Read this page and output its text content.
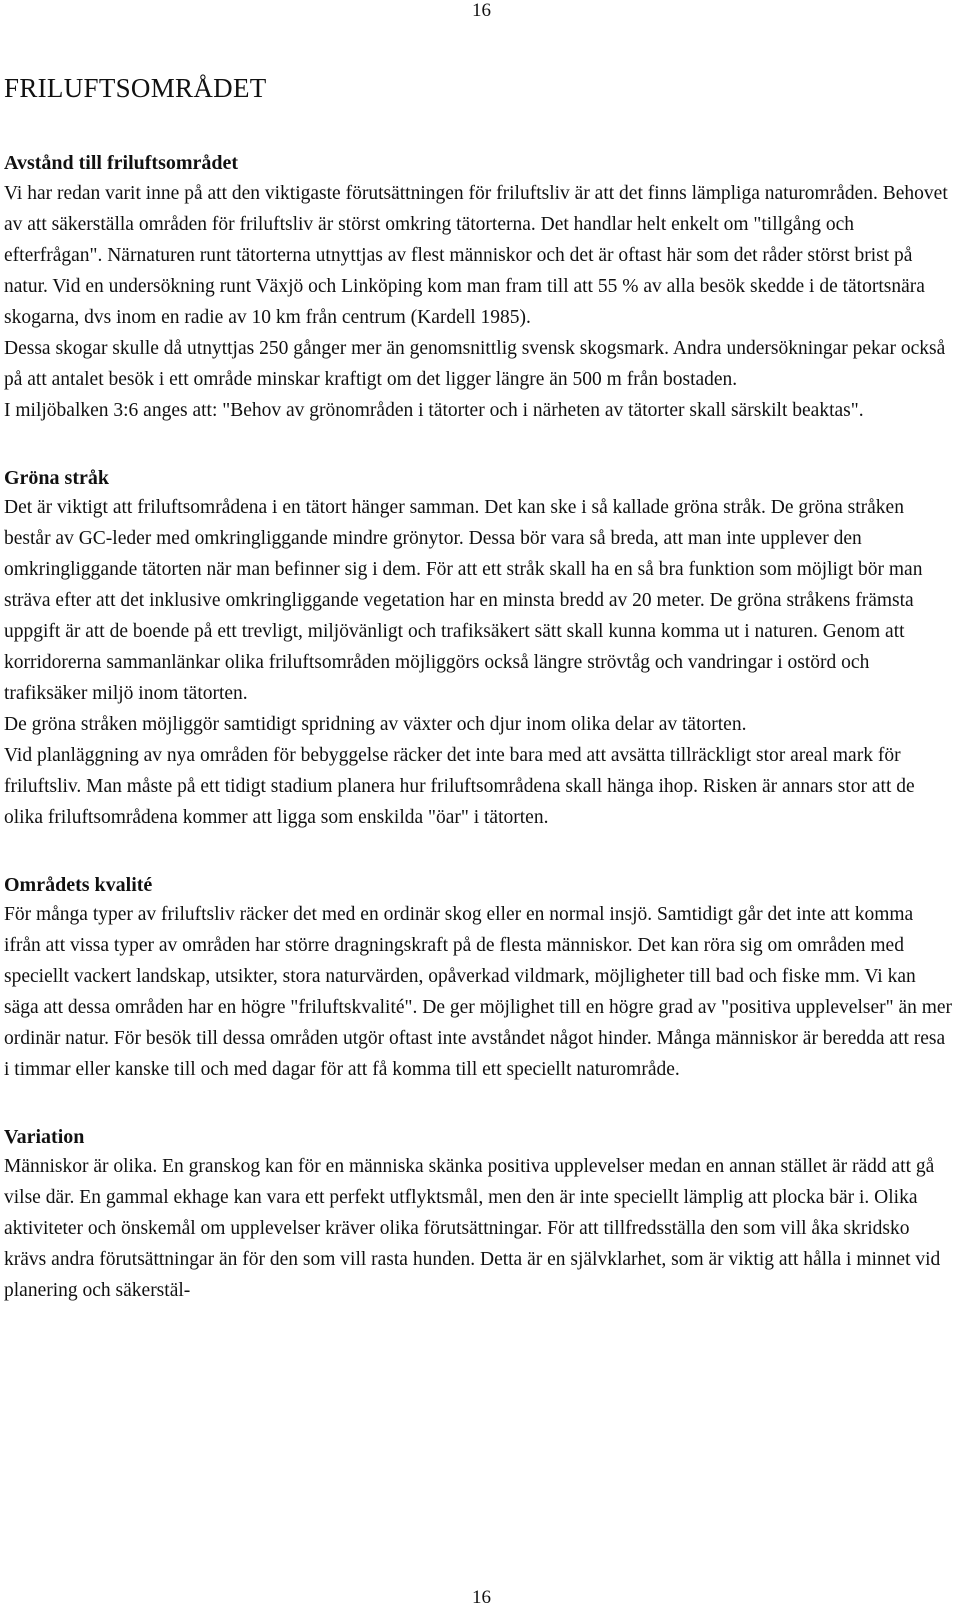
16
FRILUFTSOMRÅDET
Avstånd till friluftsområdet

Vi har redan varit inne på att den viktigaste förutsättningen för friluftsliv är att det finns lämpliga naturområden. Behovet av att säkerställa områden för friluftsliv är störst omkring tätorterna. Det handlar helt enkelt om "tillgång och efterfrågan". Närnaturen runt tätorterna utnyttjas av flest människor och det är oftast här som det råder störst brist på natur. Vid en undersökning runt Växjö och Linköping kom man fram till att 55 % av alla besök skedde i de tätortsnära skogarna, dvs inom en radie av 10 km från centrum (Kardell 1985).

Dessa skogar skulle då utnyttjas 250 gånger mer än genomsnittlig svensk skogsmark. Andra undersökningar pekar också på att antalet besök i ett område minskar kraftigt om det ligger längre än 500 m från bostaden.

I miljöbalken 3:6 anges att: "Behov av grönområden i tätorter och i närheten av tätorter skall särskilt beaktas".

Gröna stråk

Det är viktigt att friluftsområdena i en tätort hänger samman. Det kan ske i så kallade gröna stråk. De gröna stråken består av GC-leder med omkringliggande mindre grönytor. Dessa bör vara så breda, att man inte upplever den omkringliggande tätorten när man befinner sig i dem. För att ett stråk skall ha en så bra funktion som möjligt bör man sträva efter att det inklusive omkringliggande vegetation har en minsta bredd av 20 meter. De gröna stråkens främsta uppgift är att de boende på ett trevligt, miljövänligt och trafiksäkert sätt skall kunna komma ut i naturen. Genom att korridorerna sammanlänkar olika friluftsområden möjliggörs också längre strövtåg och vandringar i ostörd och trafiksäker miljö inom tätorten.

De gröna stråken möjliggör samtidigt spridning av växter och djur inom olika delar av tätorten.

Vid planläggning av nya områden för bebyggelse räcker det inte bara med att avsätta tillräckligt stor areal mark för friluftsliv. Man måste på ett tidigt stadium planera hur friluftsområdena skall hänga ihop. Risken är annars stor att de olika friluftsområdena kommer att ligga som enskilda "öar" i tätorten.

Områdets kvalité

För många typer av friluftsliv räcker det med en ordinär skog eller en normal insjö. Samtidigt går det inte att komma ifrån att vissa typer av områden har större dragningskraft på de flesta människor. Det kan röra sig om områden med speciellt vackert landskap, utsikter, stora naturvärden, opåverkad vildmark, möjligheter till bad och fiske mm. Vi kan säga att dessa områden har en högre "friluftskvalité". De ger möjlighet till en högre grad av "positiva upplevelser" än mer ordinär natur. För besök till dessa områden utgör oftast inte avståndet något hinder. Många människor är beredda att resa i timmar eller kanske till och med dagar för att få komma till ett speciellt naturområde.

Variation

Människor är olika. En granskog kan för en människa skänka positiva upplevelser medan en annan stället är rädd att gå vilse där. En gammal ekhage kan vara ett perfekt utflyktsmål, men den är inte speciellt lämplig att plocka bär i. Olika aktiviteter och önskemål om upplevelser kräver olika förutsättningar. För att tillfredsställa den som vill åka skridsko krävs andra förutsättningar än för den som vill rasta hunden. Detta är en självklarhet, som är viktig att hålla i minnet vid planering och säkerstäl-

16
